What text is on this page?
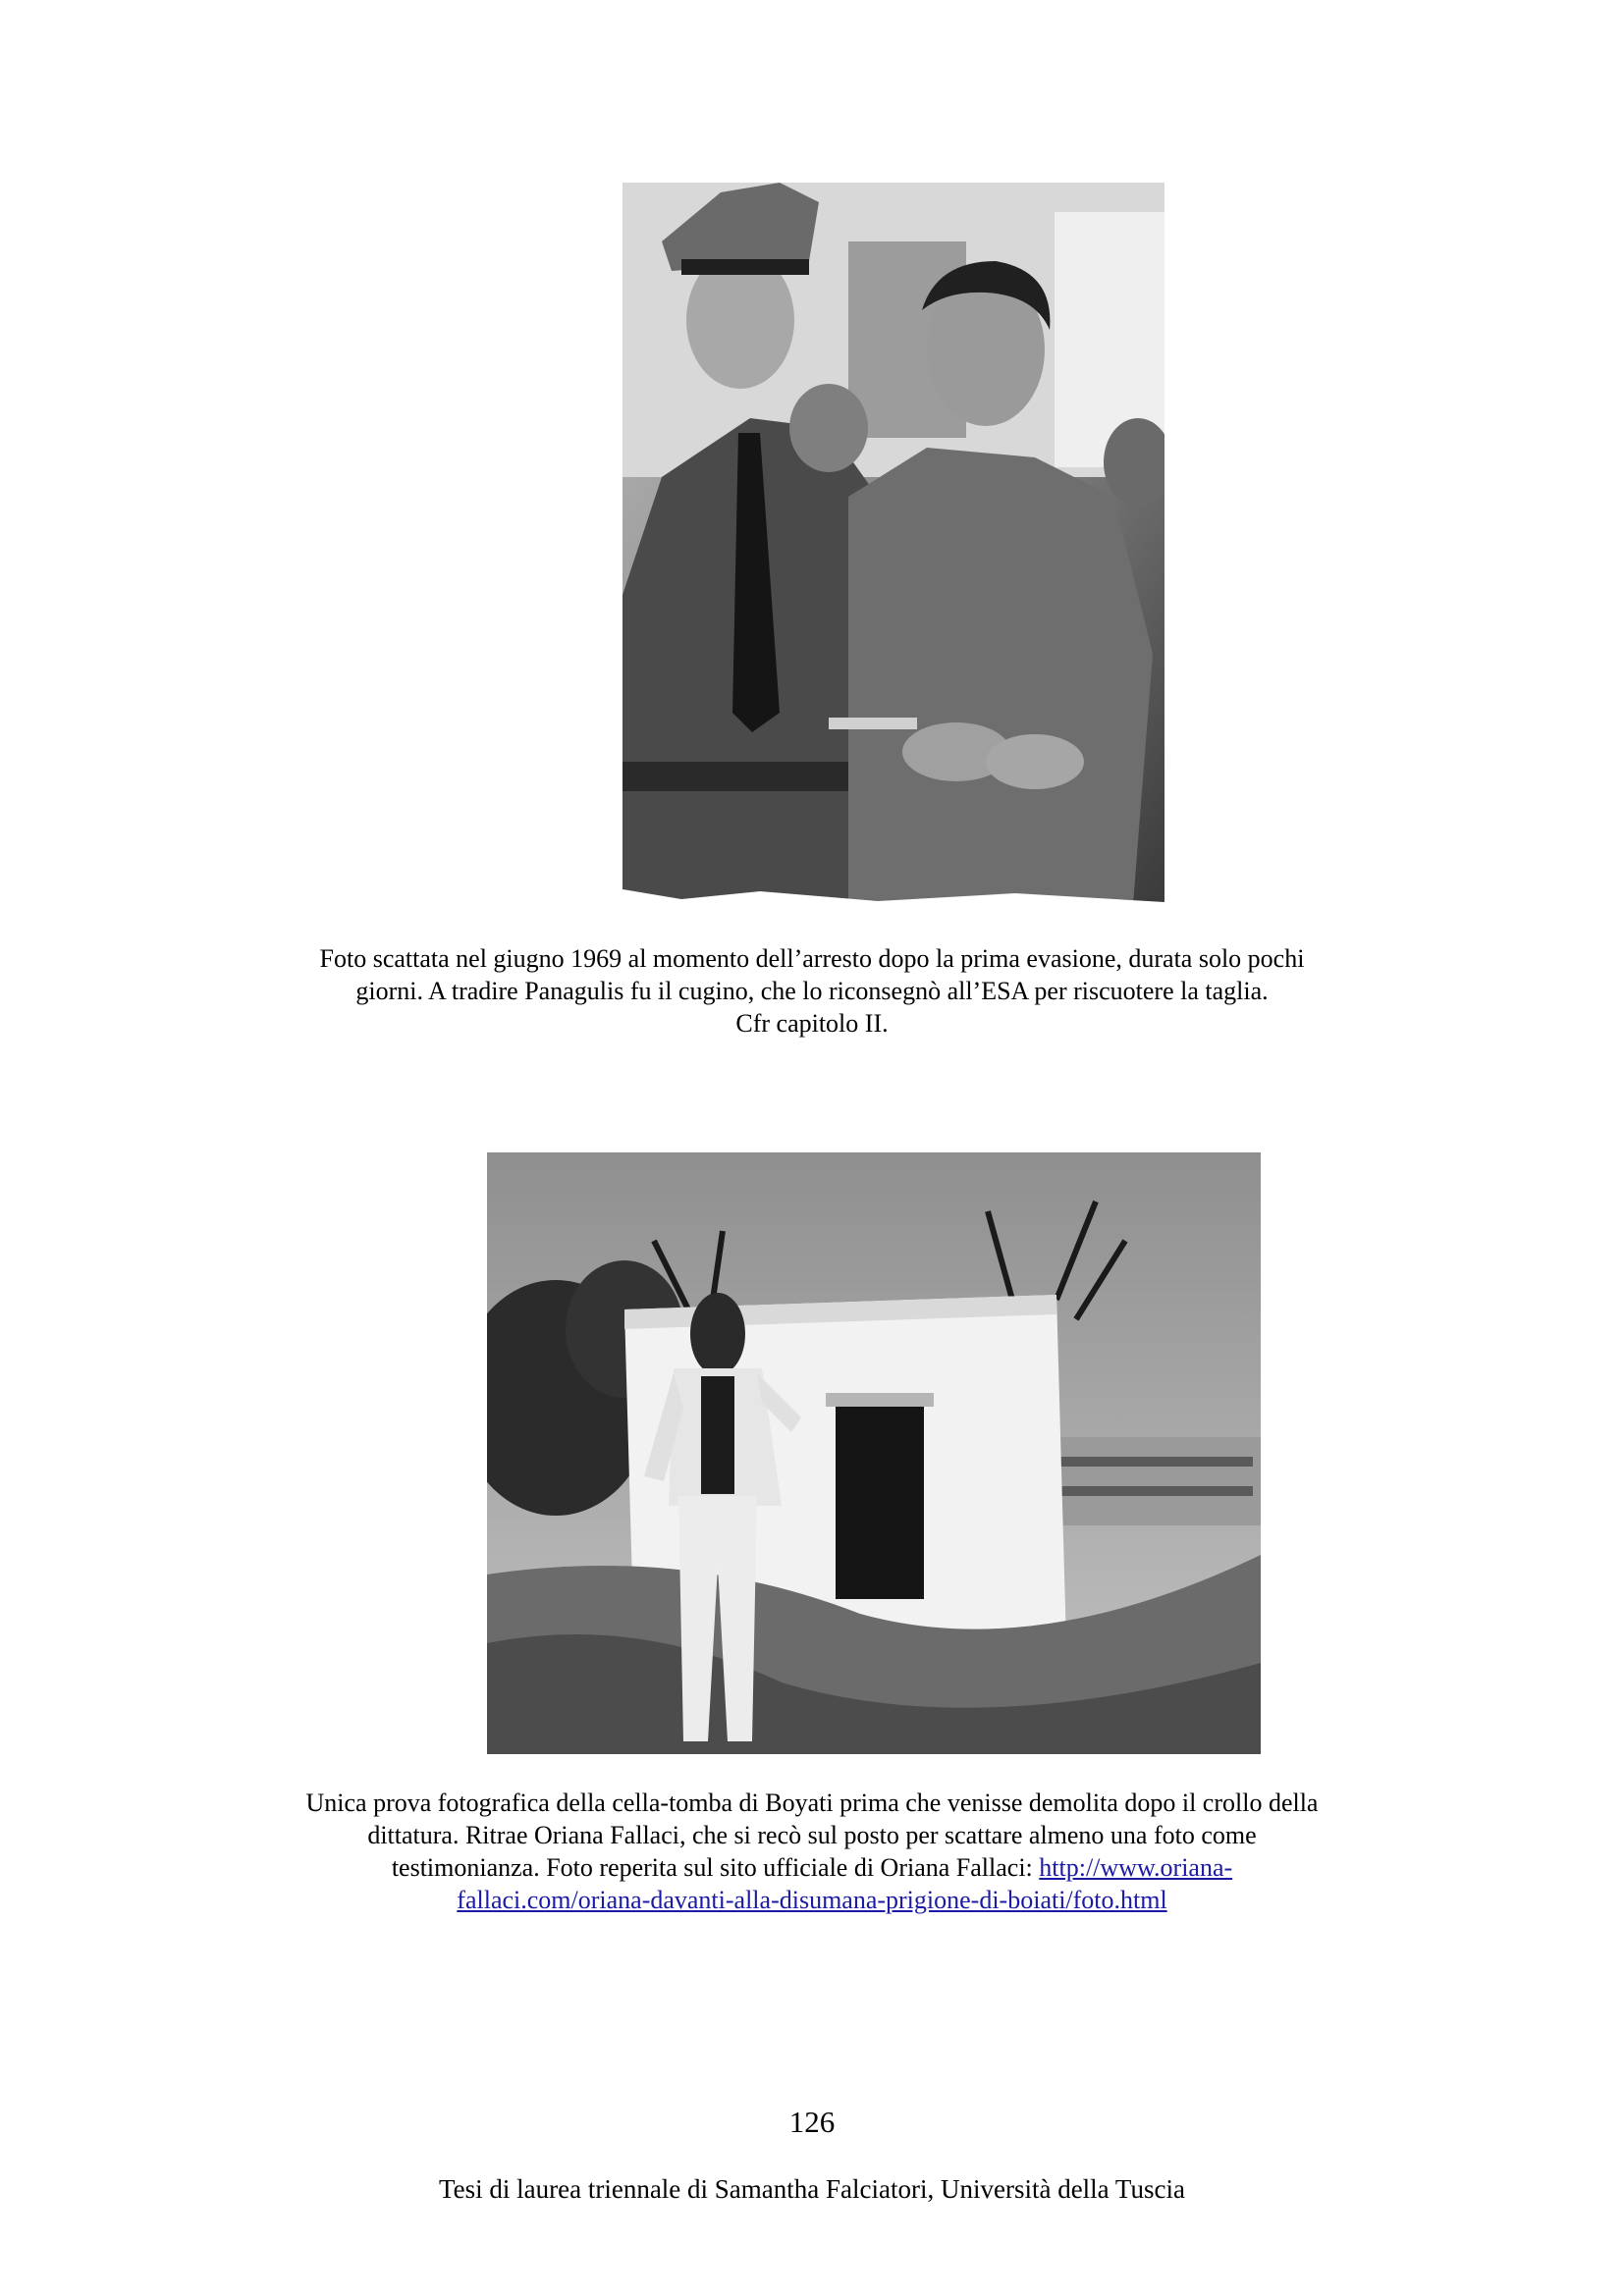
Foto scattata nel giugno 1969 al momento dell’arresto dopo la prima evasione, durata solo pochi
giorni. A tradire Panagulis fu il cugino, che lo riconsegnò all’ESA per riscuotere la taglia.
Cfr capitolo II.
Unica prova fotografica della cella-tomba di Boyati prima che venisse demolita dopo il crollo della
dittatura. Ritrae Oriana Fallaci, che si recò sul posto per scattare almeno una foto come
testimonianza. Foto reperita sul sito ufficiale di Oriana Fallaci: http://www.oriana-
fallaci.com/oriana-davanti-alla-disumana-prigione-di-boiati/foto.html
126
Tesi di laurea triennale di Samantha Falciatori, Università della Tuscia
